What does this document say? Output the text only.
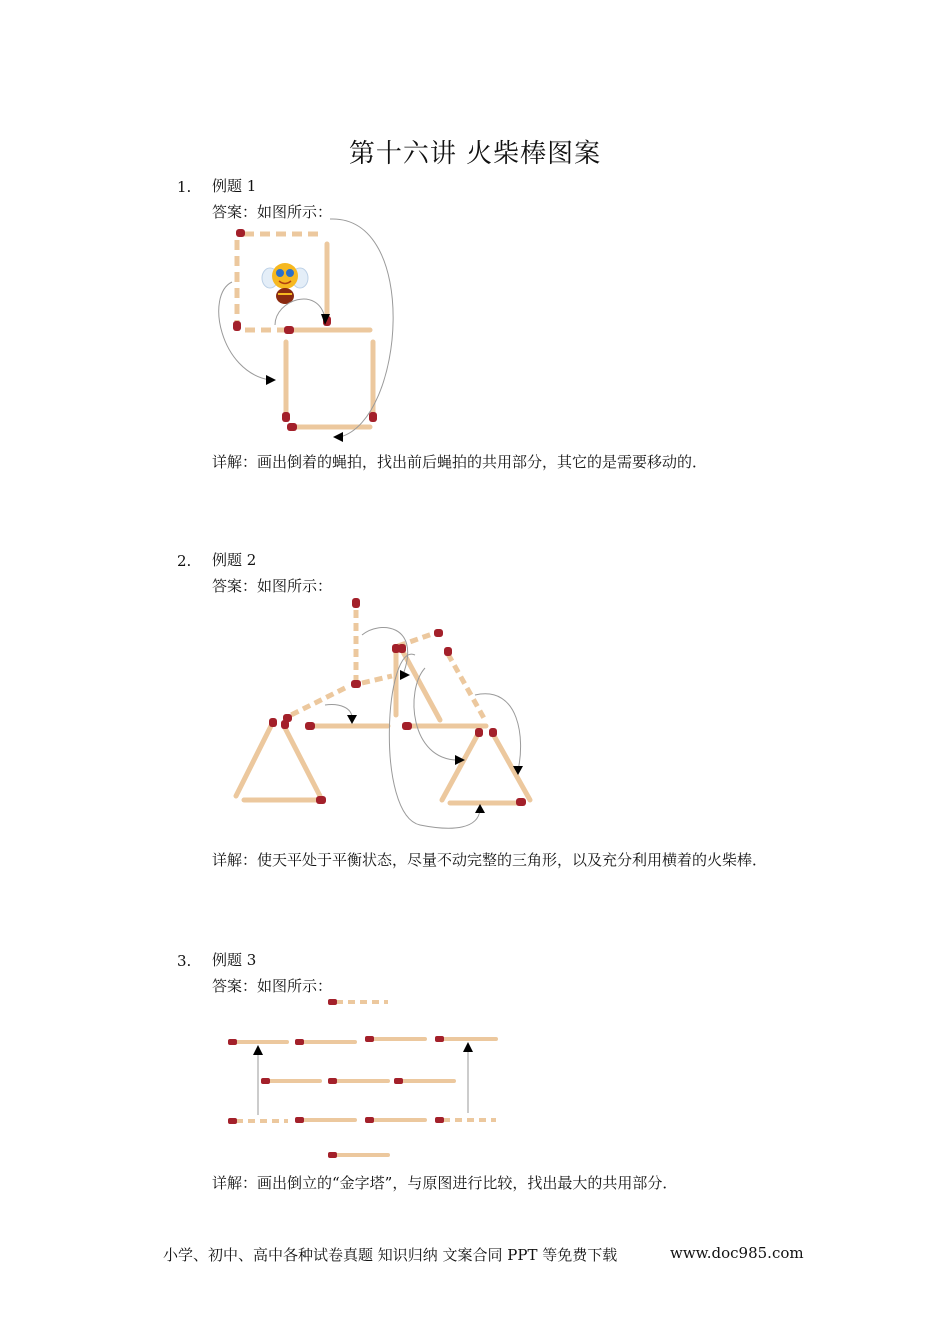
第十六讲 火柴棒图案
1. 例题 1
答案：如图所示：
详解：画出倒着的蝇拍，找出前后蝇拍的共用部分，其它的是需要移动的．
2. 例题 2
答案：如图所示：
详解：使天平处于平衡状态，尽量不动完整的三角形，以及充分利用横着的火柴棒．
3. 例题 3
答案：如图所示：
详解：画出倒立的“金字塔”，与原图进行比较，找出最大的共用部分．
小学、初中、高中各种试卷真题 知识归纳 文案合同 PPT 等免费下载	www.doc985.com
